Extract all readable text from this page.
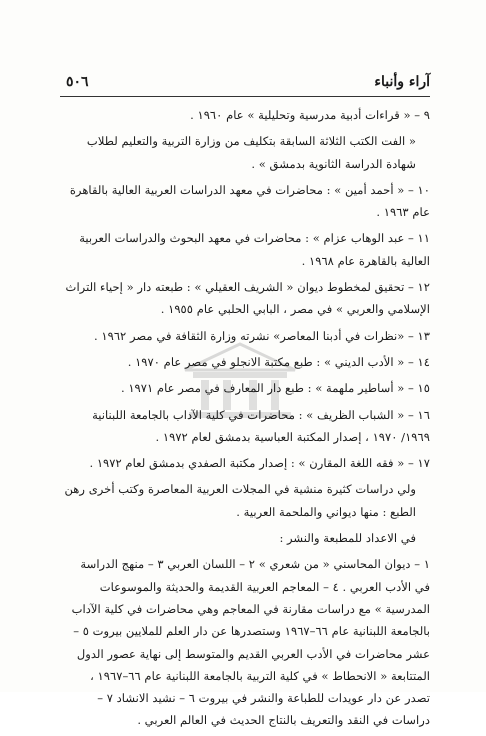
٥٠٦	آراء وأنباء

٩ – « قراءات أدبية مدرسية وتحليلية » عام ١٩٦٠ .

« الفت الكتب الثلاثة السابقة بتكليف من وزارة التربية والتعليم لطلاب شهادة الدراسة الثانوية بدمشق » .

١٠ – « أحمد أمين » : محاضرات في معهد الدراسات العربية العالية بالقاهرة عام ١٩٦٣ .

١١ – عبد الوهاب عزام » : محاضرات في معهد البحوث والدراسات العربية العالية بالقاهرة عام ١٩٦٨ .

١٢ – تحقيق لمخطوط ديوان « الشريف العقيلي » : طبعته دار « إحياء التراث الإسلامي والعربي » في مصر ، البابي الحلبي عام ١٩٥٥ .

١٣ – «نظرات في أدبنا المعاصر» نشرته وزارة الثقافة في مصر ١٩٦٢ .

١٤ – « الأدب الديني » : طبع مكتبة الانجلو في مصر عام ١٩٧٠ .

١٥ – « أساطير ملهمة » : طبع دار المعارف في مصر عام ١٩٧١ .

١٦ – « الشباب الظريف » : محاضرات في كلية الآداب بالجامعة اللبنانية ١٩٦٩/ ١٩٧٠ ، إصدار المكتبة العباسية بدمشق لعام ١٩٧٢ .

١٧ – « فقه اللغة المقارن » : إصدار مكتبة الصفدي بدمشق لعام ١٩٧٢ .

ولي دراسات كثيرة منشية في المجلات العربية المعاصرة وكتب أخرى رهن الطبع : منها ديواني والملحمة العربية .

في الاعداد للمطبعة والنشر :

١ – ديوان المحاسني « من شعري » ٢ – اللسان العربي ٣ – منهج الدراسة في الأدب العربي . ٤ – المعاجم العربية القديمة والحديثة والموسوعات المدرسية » مع دراسات مقارنة في المعاجم وهي محاضرات في كلية الآداب بالجامعة اللبنانية عام ٦٦–١٩٦٧ وستصدرها عن دار العلم للملايين بيروت ٥ – عشر محاضرات في الأدب العربي القديم والمتوسط إلى نهاية عصور الدول المتتابعة « الانحطاط » في كلية التربية بالجامعة اللبنانية عام ٦٦–١٩٦٧ ، تصدر عن دار عويدات للطباعة والنشر في بيروت ٦ – نشيد الانشاد ٧ – دراسات في النقد والتعريف بالنتاج الحديث في العالم العربي .
